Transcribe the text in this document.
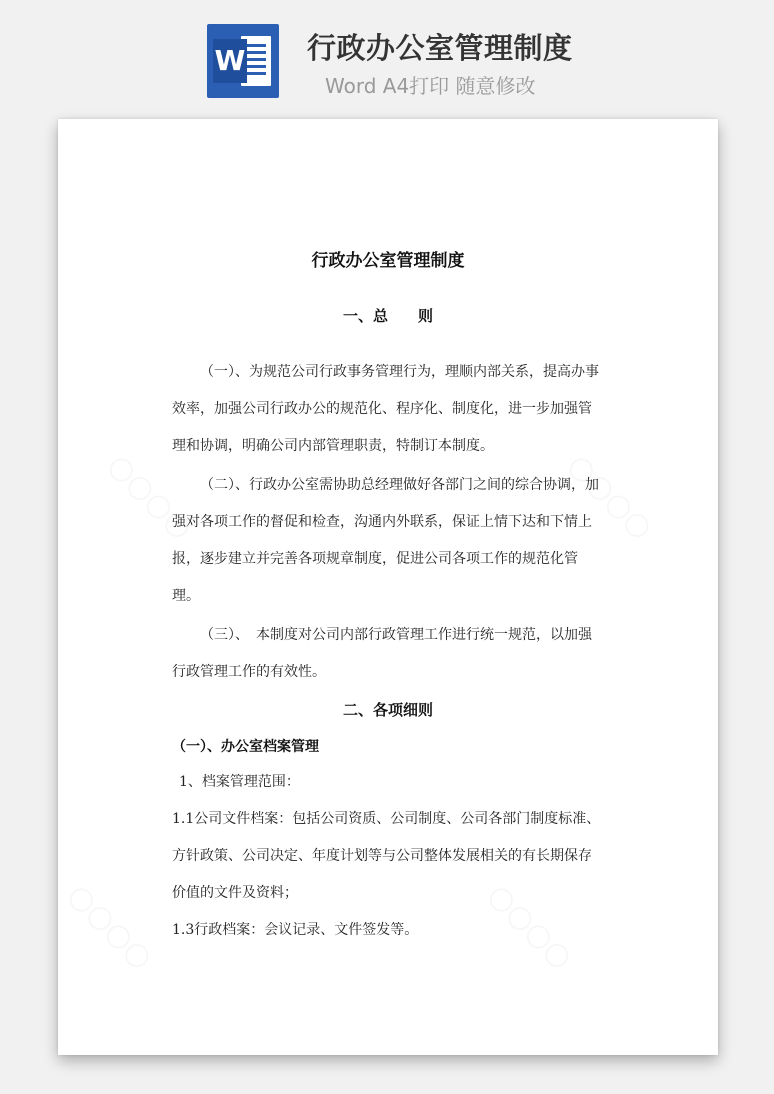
W 行政办公室管理制度
Word A4打印 随意修改
行政办公室管理制度
一、总　　则

（一）、为规范公司行政事务管理行为，理顺内部关系，提高办事效率，加强公司行政办公的规范化、程序化、制度化，进一步加强管理和协调，明确公司内部管理职责，特制订本制度。

（二）、行政办公室需协助总经理做好各部门之间的综合协调，加强对各项工作的督促和检查，沟通内外联系，保证上情下达和下情上报，逐步建立并完善各项规章制度，促进公司各项工作的规范化管理。

（三）、　本制度对公司内部行政管理工作进行统一规范，以加强行政管理工作的有效性。

二、各项细则
（一）、办公室档案管理

1、档案管理范围：

1.1公司文件档案：包括公司资质、公司制度、公司各部门制度标准、方针政策、公司决定、年度计划等与公司整体发展相关的有长期保存价值的文件及资料；

1.3行政档案：会议记录、文件签发等。
